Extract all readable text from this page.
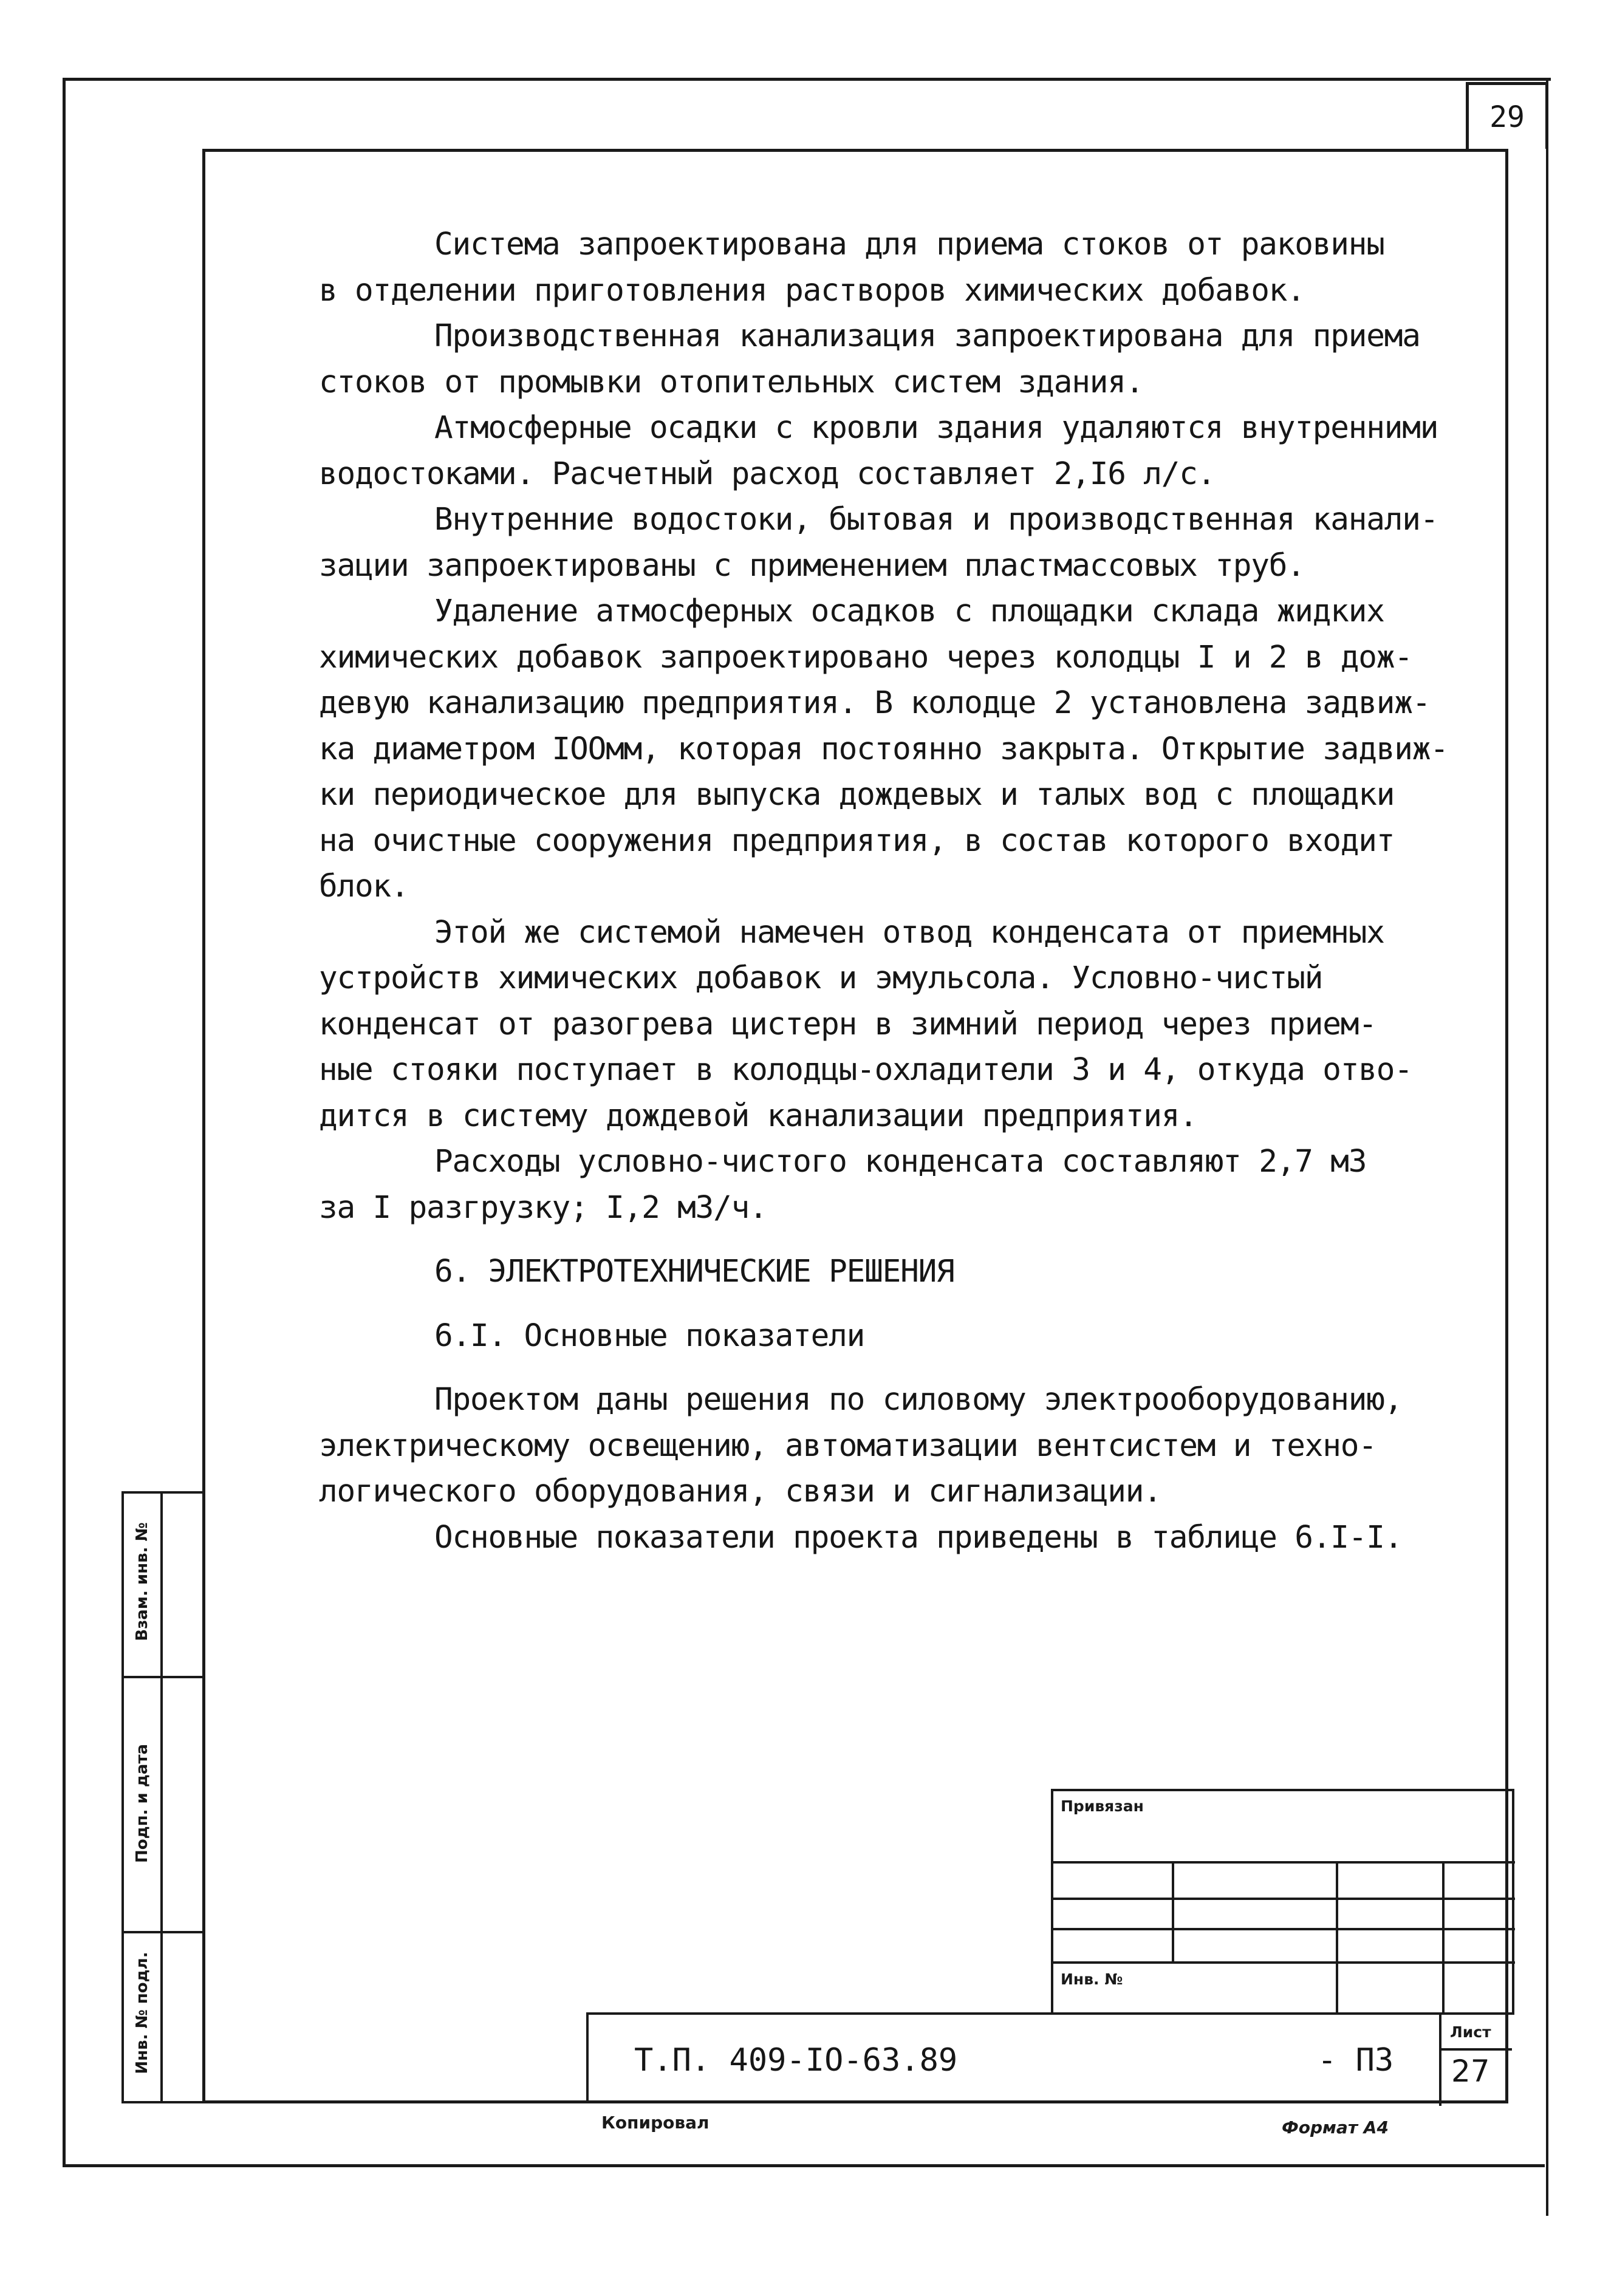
29
Система запроектирована для приема стоков от раковины
в отделении приготовления растворов химических добавок.
Производственная канализация запроектирована для приема
стоков от промывки отопительных систем здания.
Атмосферные осадки с кровли здания удаляются внутренними
водостоками. Расчетный расход составляет 2,I6 л/с.
Внутренние водостоки, бытовая и производственная канали-
зации запроектированы с применением пластмассовых труб.
Удаление атмосферных осадков с площадки склада жидких
химических добавок запроектировано через колодцы I и 2 в дож-
девую канализацию предприятия. В колодце 2 установлена задвиж-
ка диаметром IOOмм, которая постоянно закрыта. Открытие задвиж-
ки периодическое для выпуска дождевых и талых вод с площадки
на очистные сооружения предприятия, в состав которого входит
блок.
Этой же системой намечен отвод конденсата от приемных
устройств химических добавок и эмульсола. Условно-чистый
конденсат от разогрева цистерн в зимний период через прием-
ные стояки поступает в колодцы-охладители 3 и 4, откуда отво-
дится в систему дождевой канализации предприятия.
Расходы условно-чистого конденсата составляют 2,7 м3
за I разгрузку; I,2 м3/ч.
6. ЭЛЕКТРОТЕХНИЧЕСКИЕ РЕШЕНИЯ
6.I. Основные показатели
Проектом даны решения по силовому электрооборудованию,
электрическому освещению, автоматизации вентсистем и техно-
логического оборудования, связи и сигнализации.
Основные показатели проекта приведены в таблице 6.I-I.
Взам. инв. №
Подп. и дата
Инв. № подл.
Привязан
Инв. №
Т.П. 409-IO-63.89	- ПЗ
Лист
27
Копировал	Формат А4
